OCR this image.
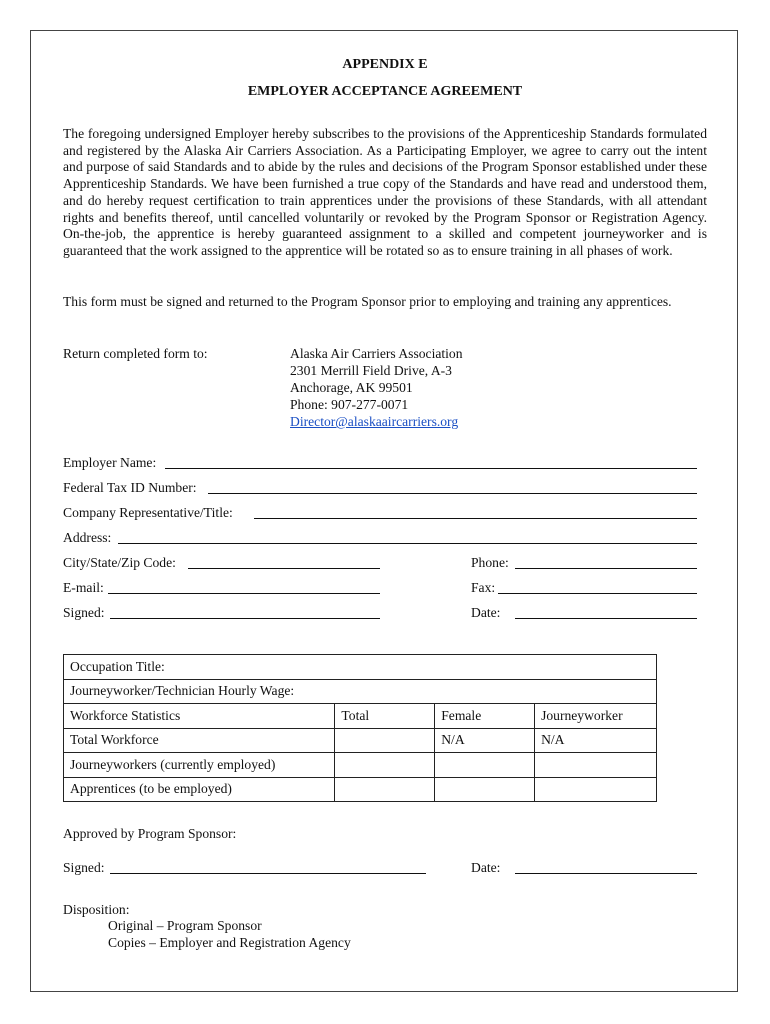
APPENDIX E
EMPLOYER ACCEPTANCE AGREEMENT
The foregoing undersigned Employer hereby subscribes to the provisions of the Apprenticeship Standards formulated and registered by the Alaska Air Carriers Association. As a Participating Employer, we agree to carry out the intent and purpose of said Standards and to abide by the rules and decisions of the Program Sponsor established under these Apprenticeship Standards. We have been furnished a true copy of the Standards and have read and understood them, and do hereby request certification to train apprentices under the provisions of these Standards, with all attendant rights and benefits thereof, until cancelled voluntarily or revoked by the Program Sponsor or Registration Agency. On-the-job, the apprentice is hereby guaranteed assignment to a skilled and competent journeyworker and is guaranteed that the work assigned to the apprentice will be rotated so as to ensure training in all phases of work.
This form must be signed and returned to the Program Sponsor prior to employing and training any apprentices.
Return completed form to:	Alaska Air Carriers Association
2301 Merrill Field Drive, A-3
Anchorage, AK 99501
Phone: 907-277-0071
Director@alaskaaircarriers.org
Employer Name:
Federal Tax ID Number:
Company Representative/Title:
Address:
City/State/Zip Code:	Phone:
E-mail:	Fax:
Signed:	Date:
Occupation Title:			
Journeyworker/Technician Hourly Wage:			
Workforce Statistics	Total	Female	Journeyworker
Total Workforce		N/A	N/A
Journeyworkers (currently employed)			
Apprentices (to be employed)			
Approved by Program Sponsor:
Signed:	Date:
Disposition:
Original – Program Sponsor
Copies – Employer and Registration Agency
